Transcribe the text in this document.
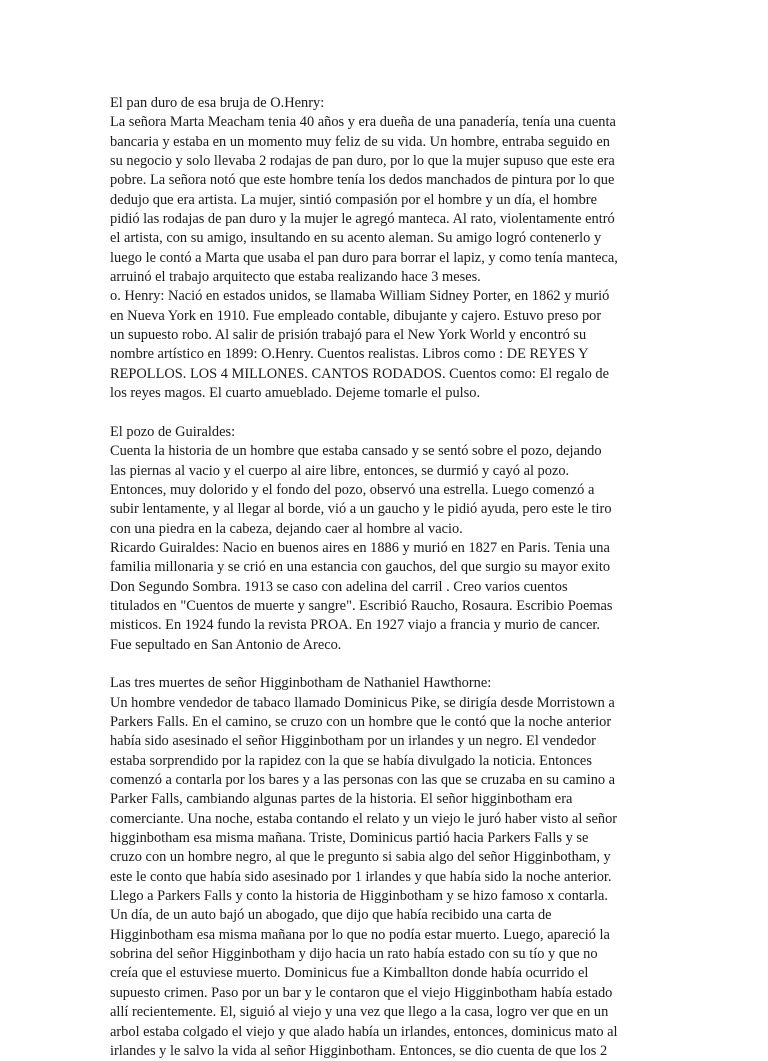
El pan duro de esa bruja de O.Henry:
La señora Marta Meacham tenia 40 años y era dueña de una panadería, tenía una cuenta
bancaria y estaba en un momento muy feliz de su vida. Un hombre, entraba seguido en
su negocio y solo llevaba 2 rodajas de pan duro, por lo que la mujer supuso que este era
pobre. La señora notó que este hombre tenía los dedos manchados de pintura por lo que
dedujo que era artista. La mujer, sintió compasión por el hombre y un día, el hombre
pidió las rodajas de pan duro y la mujer le agregó manteca. Al rato, violentamente entró
el artista, con su amigo, insultando en su acento aleman. Su amigo logró contenerlo y
luego le contó a Marta que usaba el pan duro para borrar el lapiz, y como tenía manteca,
arruinó el trabajo arquitecto que estaba realizando hace 3 meses.
o. Henry: Nació en estados unidos, se llamaba William Sidney Porter, en 1862 y murió
en Nueva York en 1910. Fue empleado contable, dibujante y cajero. Estuvo preso por
un supuesto robo. Al salir de prisión trabajó para el New York World y encontró su
nombre artístico en 1899: O.Henry. Cuentos realistas. Libros como : DE REYES Y
REPOLLOS. LOS 4 MILLONES. CANTOS RODADOS. Cuentos como: El regalo de
los reyes magos. El cuarto amueblado. Dejeme tomarle el pulso.
El pozo de Guiraldes:
Cuenta la historia de un hombre que estaba cansado y se sentó sobre el pozo, dejando
las piernas al vacio y el cuerpo al aire libre, entonces, se durmió y cayó al pozo.
Entonces, muy dolorido y el fondo del pozo, observó una estrella. Luego comenzó a
subir lentamente, y al llegar al borde, vió a un gaucho y le pidió ayuda, pero este le tiro
con una piedra en la cabeza, dejando caer al hombre al vacio.
Ricardo Guiraldes: Nacio en buenos aires en 1886 y murió en 1827 en Paris. Tenia una
familia millonaria y se crió en una estancia con gauchos, del que surgio su mayor exito
Don Segundo Sombra. 1913 se caso con adelina del carril . Creo varios cuentos
titulados en "Cuentos de muerte y sangre". Escribió Raucho, Rosaura. Escribio Poemas
misticos. En 1924 fundo la revista PROA. En 1927 viajo a francia y murio de cancer.
Fue sepultado en San Antonio de Areco.
Las tres muertes de señor Higginbotham de Nathaniel Hawthorne:
Un hombre vendedor de tabaco llamado Dominicus Pike, se dirigía desde Morristown a
Parkers Falls. En el camino, se cruzo con un hombre que le contó que la noche anterior
había sido asesinado el señor Higginbotham por un irlandes y un negro. El vendedor
estaba sorprendido por la rapidez con la que se había divulgado la noticia. Entonces
comenzó a contarla por los bares y a las personas con las que se cruzaba en su camino a
Parker Falls, cambiando algunas partes de la historia. El señor higginbotham era
comerciante. Una noche, estaba contando el relato y un viejo le juró haber visto al señor
higginbotham esa misma mañana. Triste, Dominicus partió hacia Parkers Falls y se
cruzo con un hombre negro, al que le pregunto si sabia algo del señor Higginbotham, y
este le conto que había sido asesinado por 1 irlandes y que había sido la noche anterior.
Llego a Parkers Falls y conto la historia de Higginbotham y se hizo famoso x contarla.
Un día, de un auto bajó un abogado, que dijo que había recibido una carta de
Higginbotham esa misma mañana por lo que no podía estar muerto. Luego, apareció la
sobrina del señor Higginbotham y dijo hacia un rato había estado con su tío y que no
creía que el estuviese muerto. Dominicus fue a Kimballton donde había ocurrido el
supuesto crimen. Paso por un bar y le contaron que el viejo Higginbotham había estado
allí recientemente. El, siguió al viejo y una vez que llego a la casa, logro ver que en un
arbol estaba colgado el viejo y que alado había un irlandes, entonces, dominicus mato al
irlandes y le salvo la vida al señor Higginbotham. Entonces, se dio cuenta de que los 2
